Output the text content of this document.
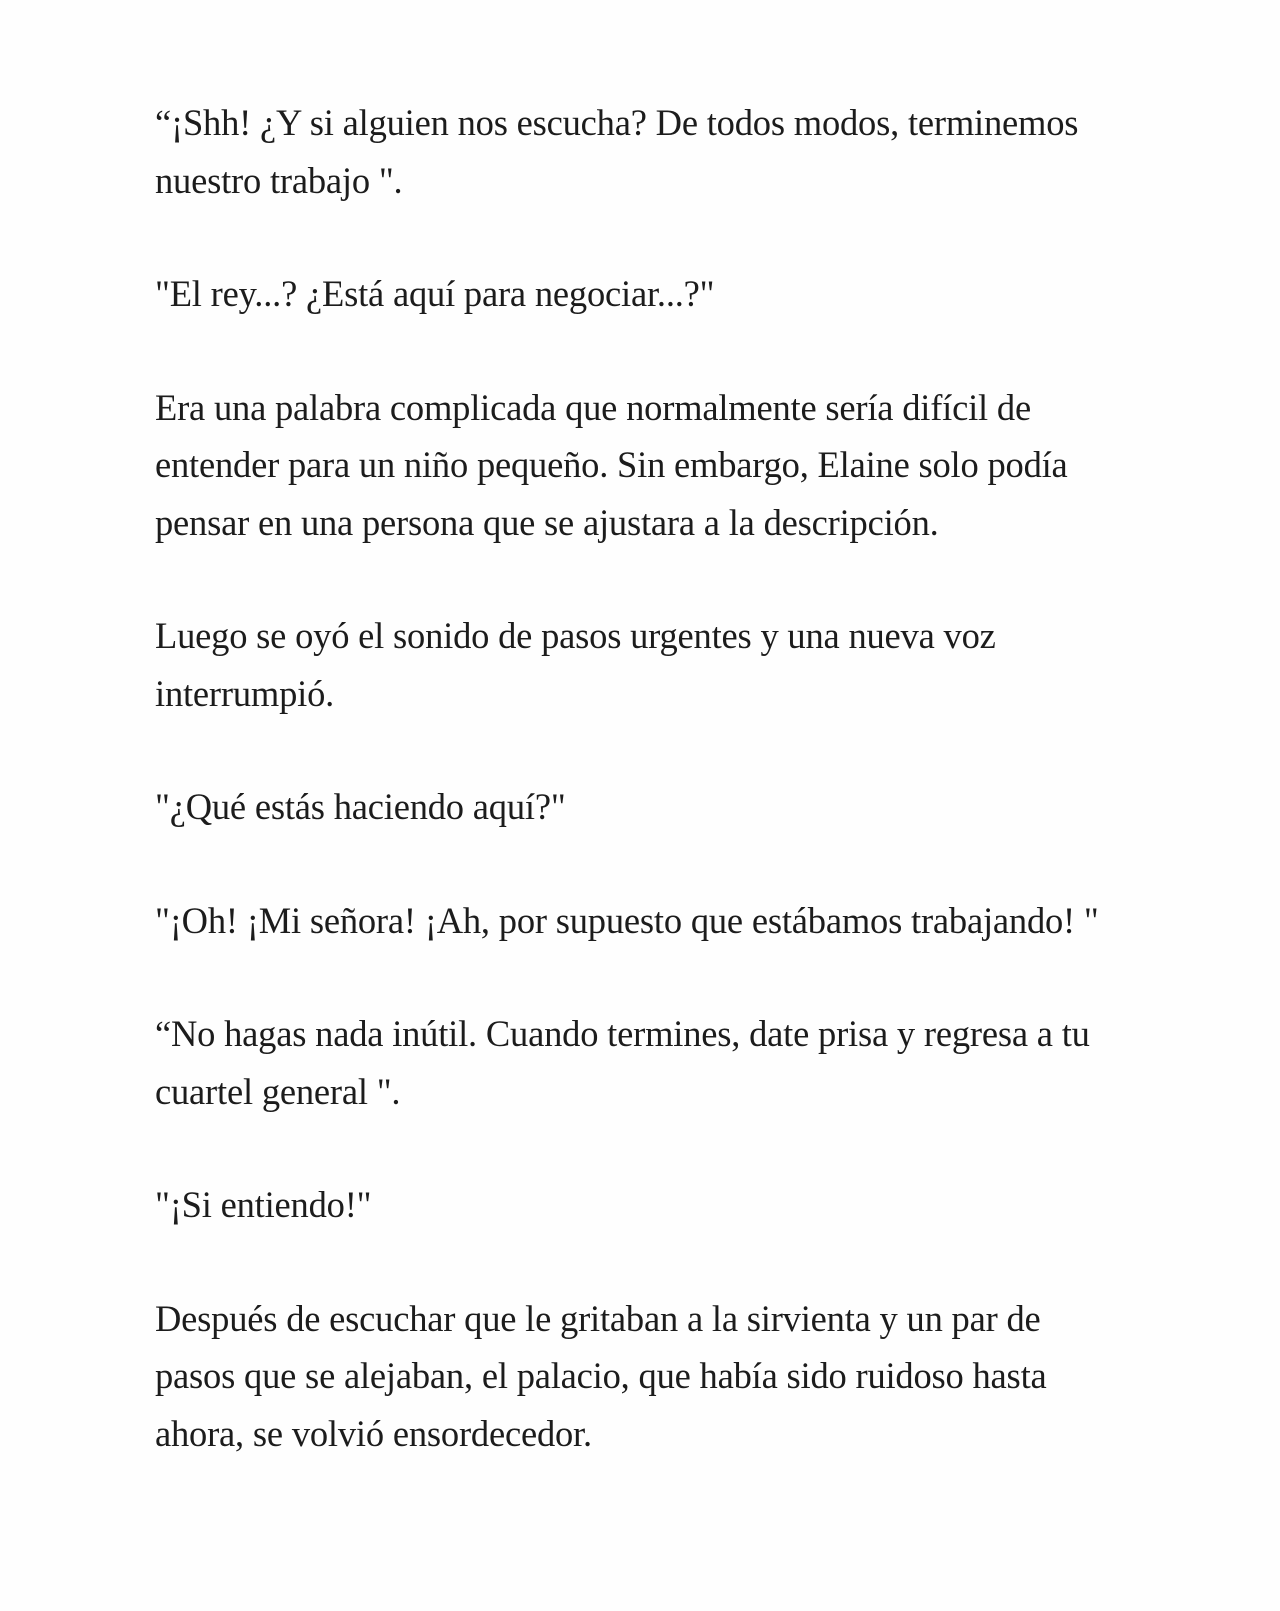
“¡Shh! ¿Y si alguien nos escucha? De todos modos, terminemos nuestro trabajo ".

"El rey...? ¿Está aquí para negociar...?"

Era una palabra complicada que normalmente sería difícil de entender para un niño pequeño. Sin embargo, Elaine solo podía pensar en una persona que se ajustara a la descripción.

Luego se oyó el sonido de pasos urgentes y una nueva voz interrumpió.

"¿Qué estás haciendo aquí?"

"¡Oh! ¡Mi señora! ¡Ah, por supuesto que estábamos trabajando! "

“No hagas nada inútil. Cuando termines, date prisa y regresa a tu cuartel general ".

"¡Si entiendo!"

Después de escuchar que le gritaban a la sirvienta y un par de pasos que se alejaban, el palacio, que había sido ruidoso hasta ahora, se volvió ensordecedor.
